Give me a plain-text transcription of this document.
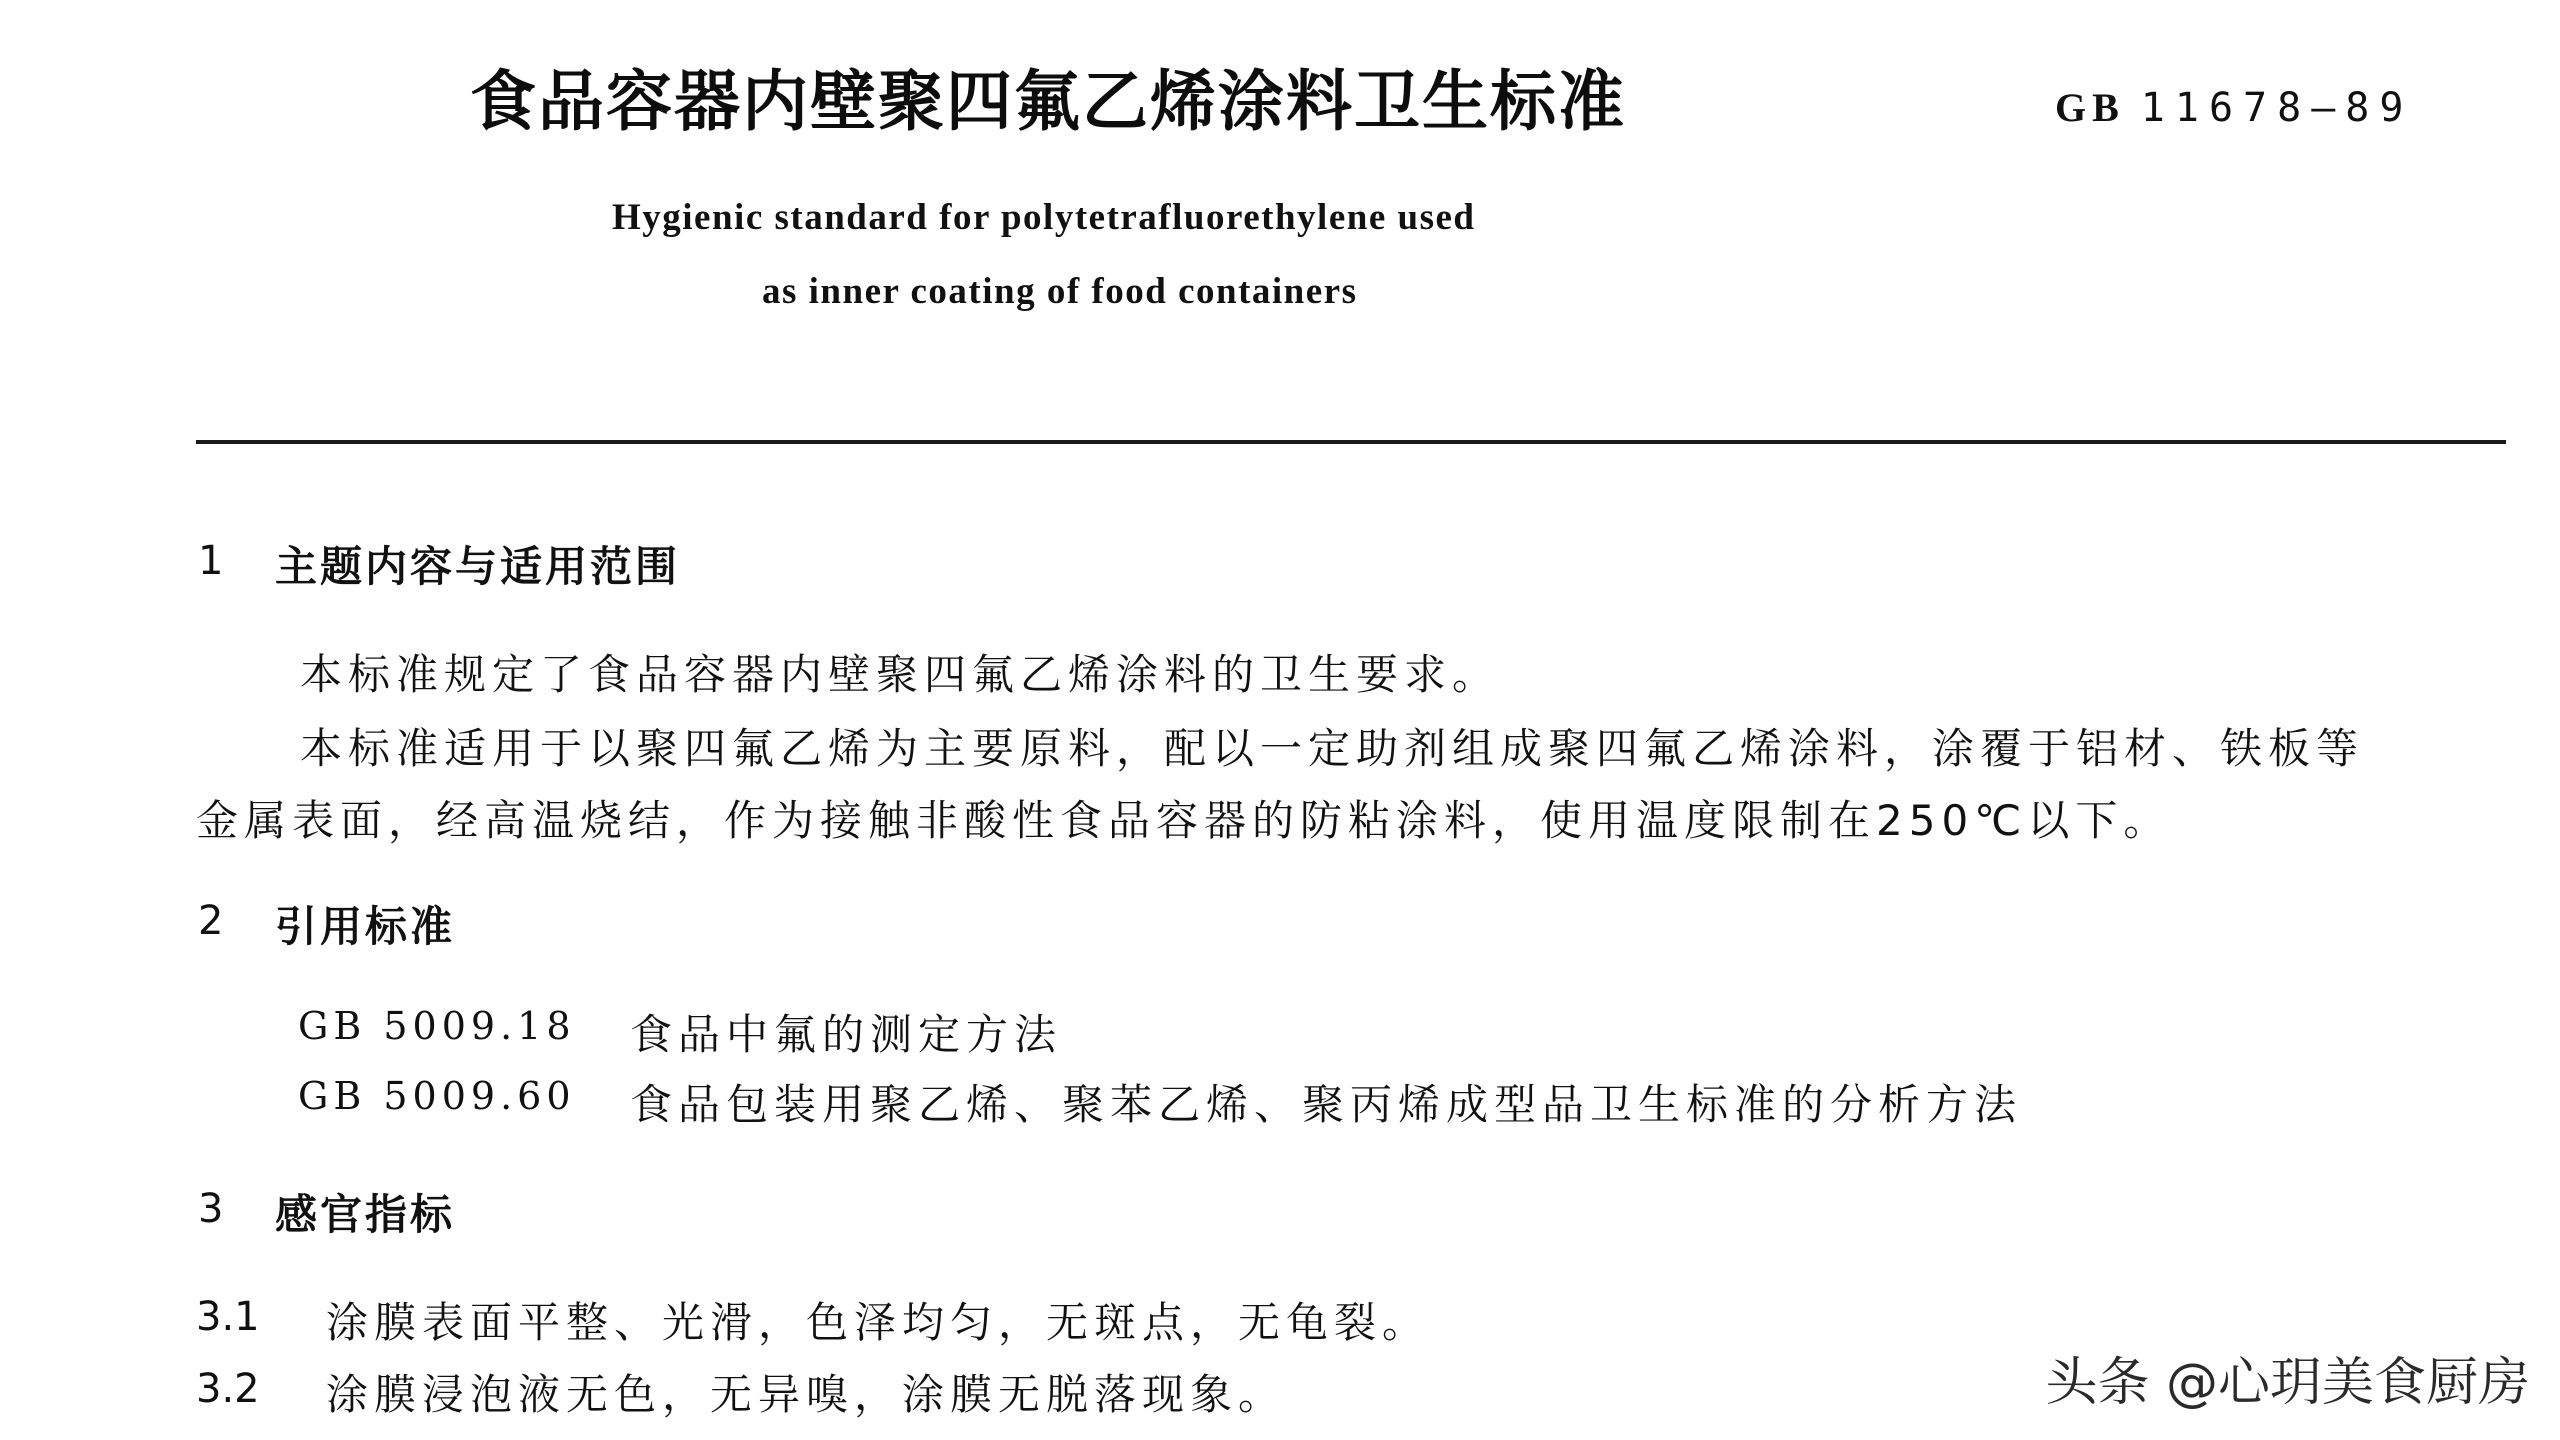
食品容器内壁聚四氟乙烯涂料卫生标准	GB 11678—89
Hygienic standard for polytetrafluorethylene used
as inner coating of food containers
1 主题内容与适用范围
本标准规定了食品容器内壁聚四氟乙烯涂料的卫生要求。
本标准适用于以聚四氟乙烯为主要原料，配以一定助剂组成聚四氟乙烯涂料，涂覆于铝材、铁板等
金属表面，经高温烧结，作为接触非酸性食品容器的防粘涂料，使用温度限制在250℃以下。
2 引用标准
GB 5009.18 食品中氟的测定方法
GB 5009.60 食品包装用聚乙烯、聚苯乙烯、聚丙烯成型品卫生标准的分析方法
3 感官指标
3.1 涂膜表面平整、光滑，色泽均匀，无斑点，无龟裂。
3.2 涂膜浸泡液无色，无异嗅，涂膜无脱落现象。	头条 @心玥美食厨房
